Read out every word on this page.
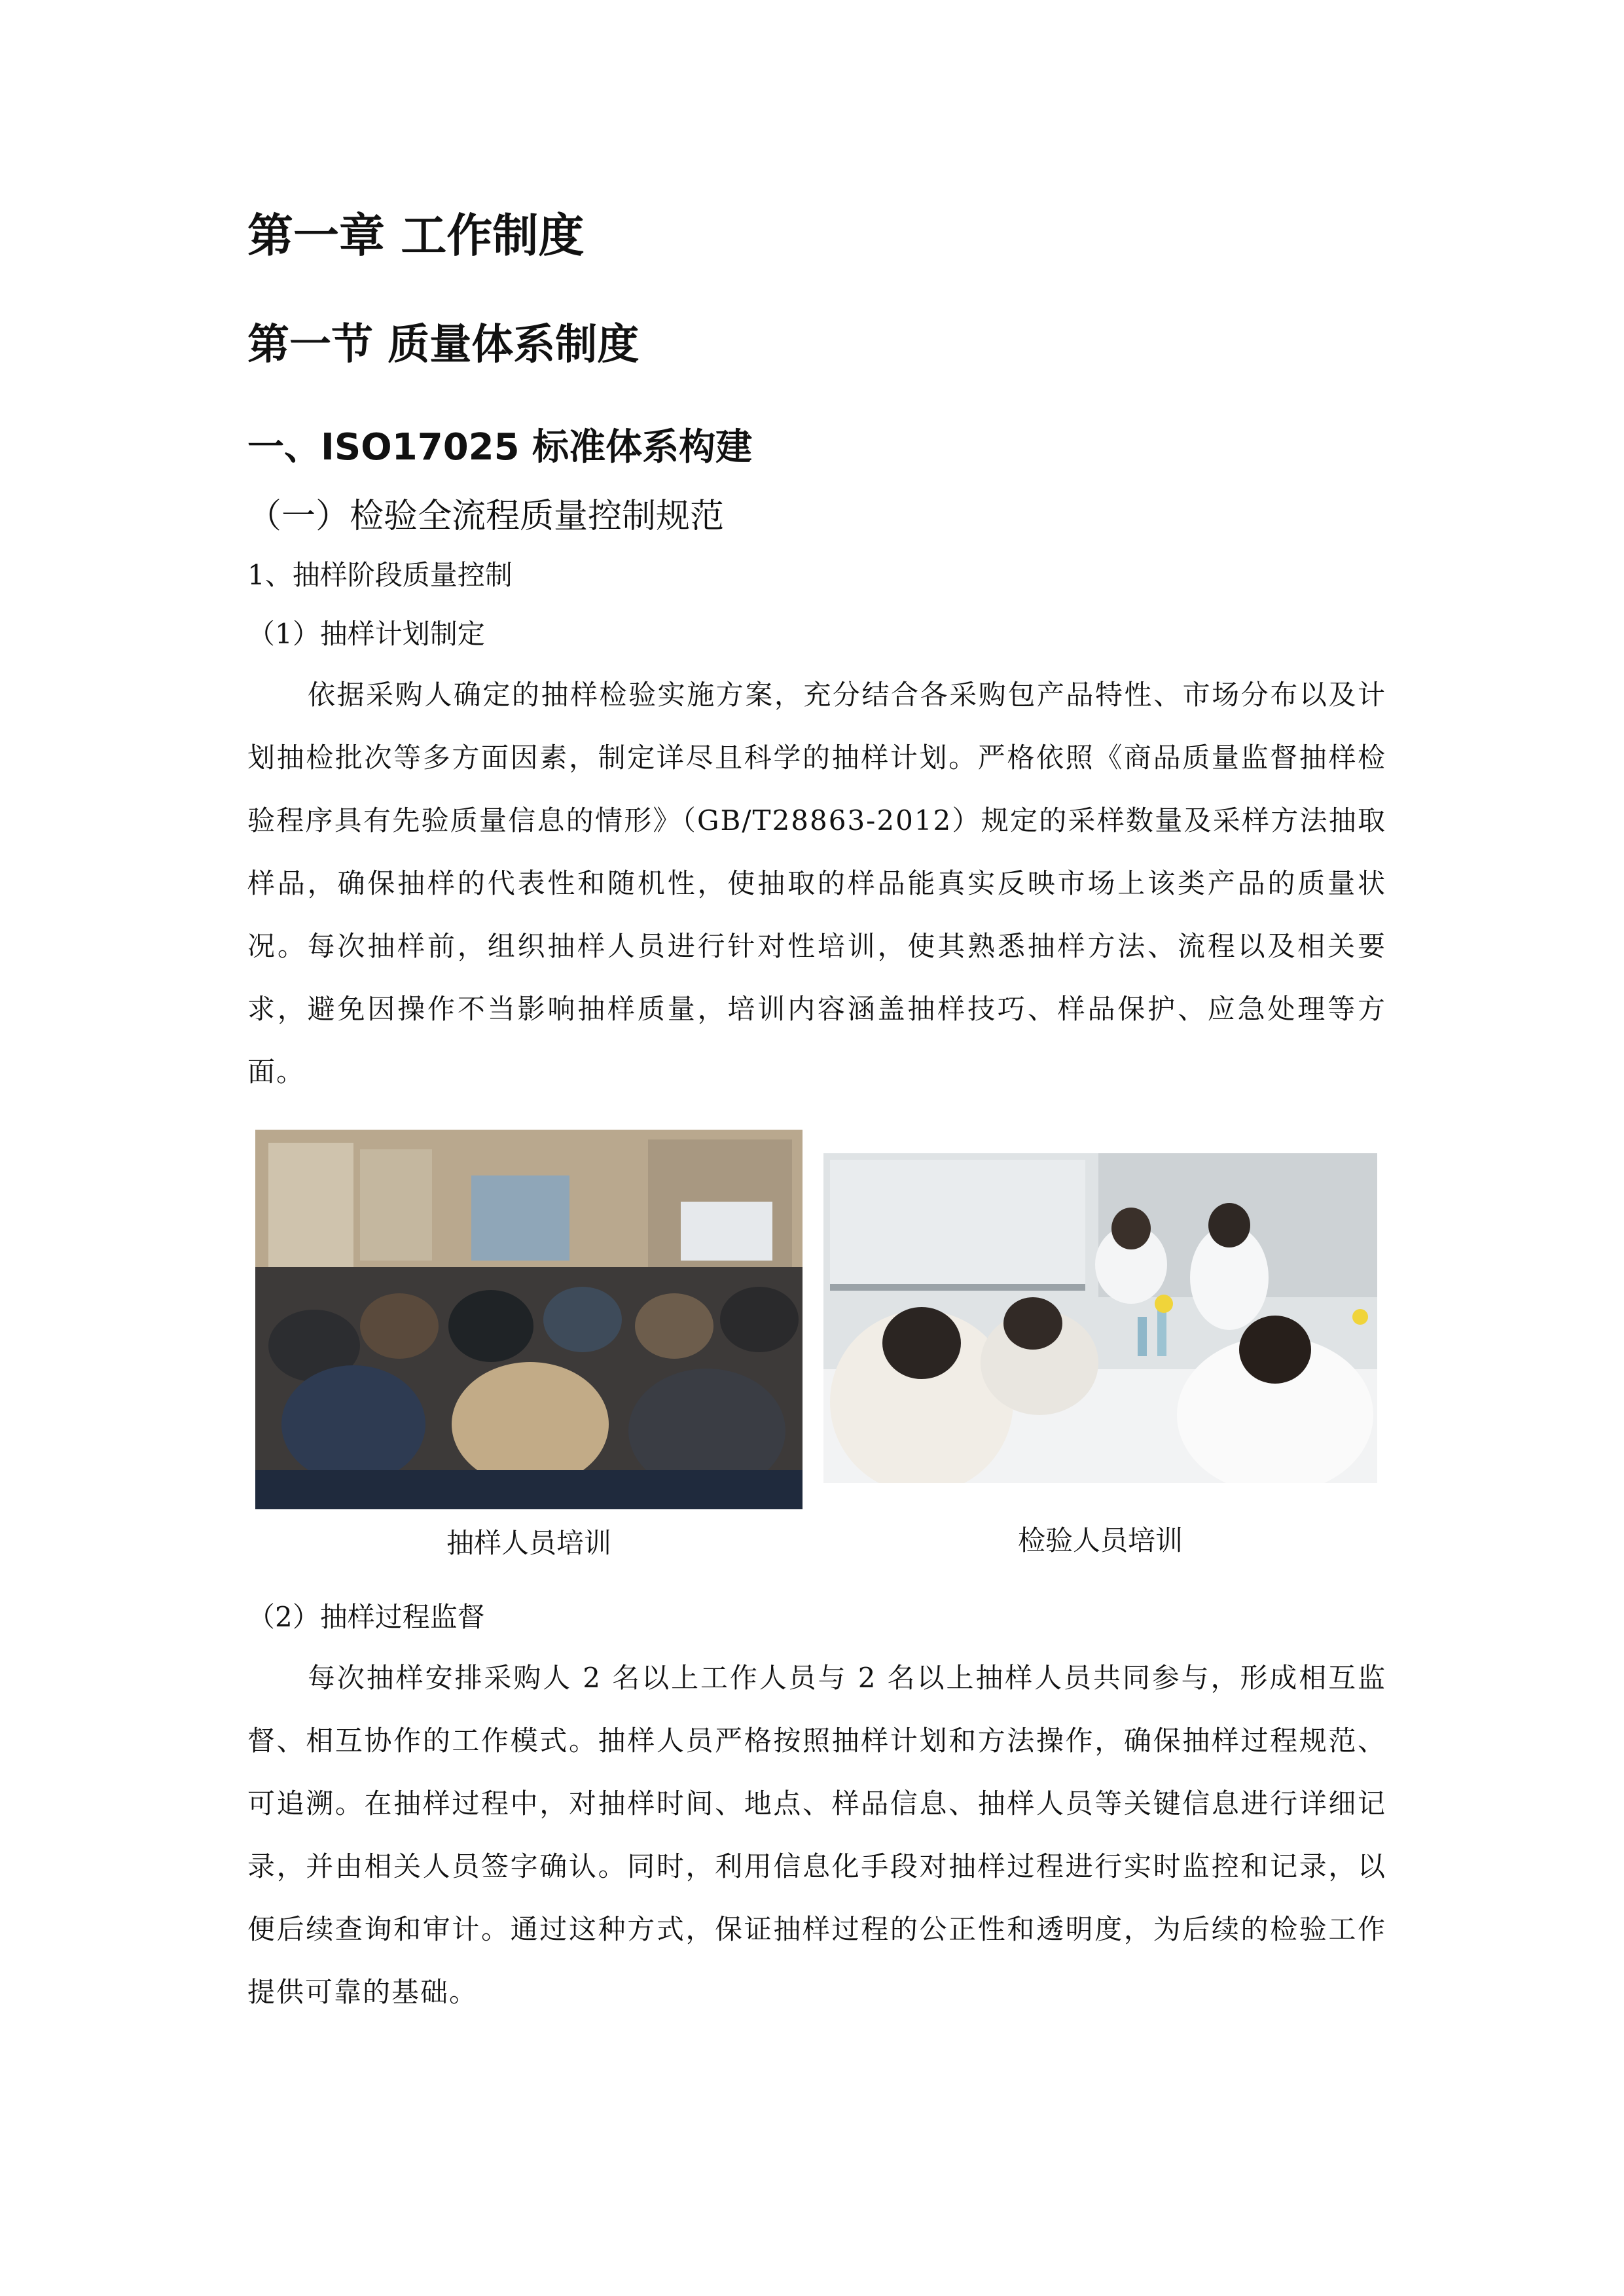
第一章 工作制度
第一节 质量体系制度
一、ISO17025 标准体系构建
（一）检验全流程质量控制规范
1、抽样阶段质量控制
（1）抽样计划制定

依据采购人确定的抽样检验实施方案，充分结合各采购包产品特性、市场分布以及计划抽检批次等多方面因素，制定详尽且科学的抽样计划。严格依照《商品质量监督抽样检验程序具有先验质量信息的情形》（GB/T28863-2012）规定的采样数量及采样方法抽取样品，确保抽样的代表性和随机性，使抽取的样品能真实反映市场上该类产品的质量状况。每次抽样前，组织抽样人员进行针对性培训，使其熟悉抽样方法、流程以及相关要求，避免因操作不当影响抽样质量，培训内容涵盖抽样技巧、样品保护、应急处理等方面。

抽样人员培训	检验人员培训
（2）抽样过程监督

每次抽样安排采购人 2 名以上工作人员与 2 名以上抽样人员共同参与，形成相互监督、相互协作的工作模式。抽样人员严格按照抽样计划和方法操作，确保抽样过程规范、可追溯。在抽样过程中，对抽样时间、地点、样品信息、抽样人员等关键信息进行详细记录，并由相关人员签字确认。同时，利用信息化手段对抽样过程进行实时监控和记录，以便后续查询和审计。通过这种方式，保证抽样过程的公正性和透明度，为后续的检验工作提供可靠的基础。
